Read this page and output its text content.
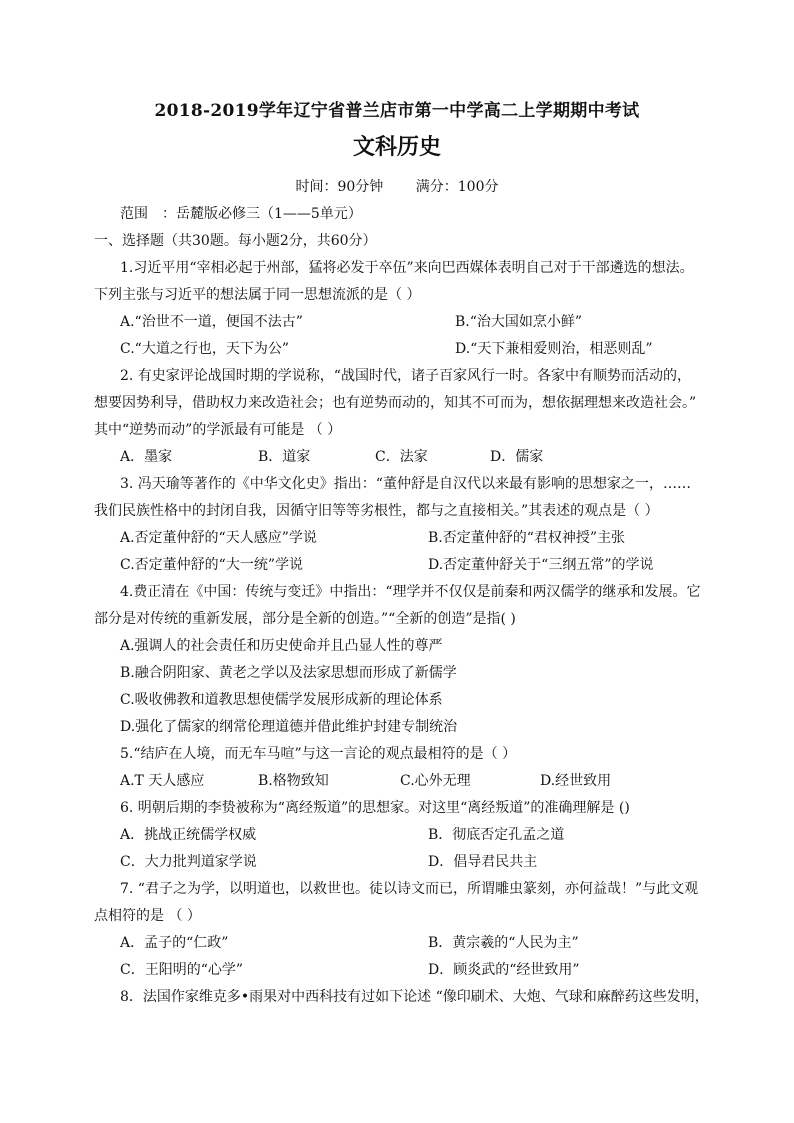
2018-2019学年辽宁省普兰店市第一中学高二上学期期中考试
文科历史
时间：90分钟 满分：100分
范围　：岳麓版必修三（1——5单元）
一、选择题（共30题。每小题2分，共60分）
1.习近平用“宰相必起于州部，猛将必发于卒伍”来向巴西媒体表明自己对于干部遴选的想法。
下列主张与习近平的想法属于同一思想流派的是（ ）
A.“治世不一道，便国不法古”	B.“治大国如烹小鲜”
C.“大道之行也，天下为公”	D.“天下兼相爱则治，相恶则乱”
2. 有史家评论战国时期的学说称，“战国时代，诸子百家风行一时。各家中有顺势而活动的，
想要因势利导，借助权力来改造社会；也有逆势而动的，知其不可而为，想依据理想来改造社会。”
其中“逆势而动”的学派最有可能是 （ ）
A．墨家	B．道家	C．法家	D．儒家
3. 冯天瑜等著作的《中华文化史》指出：“董仲舒是自汉代以来最有影响的思想家之一，……
我们民族性格中的封闭自我，因循守旧等等劣根性，都与之直接相关。”其表述的观点是（ ）
A.否定董仲舒的“天人感应”学说	B.否定董仲舒的“君权神授”主张
C.否定董仲舒的“大一统”学说	D.否定董仲舒关于“三纲五常”的学说
4.费正清在《中国：传统与变迁》中指出：“理学并不仅仅是前秦和两汉儒学的继承和发展。它
部分是对传统的重新发展，部分是全新的创造。”“全新的创造”是指( )
A.强调人的社会责任和历史使命并且凸显人性的尊严
B.融合阴阳家、黄老之学以及法家思想而形成了新儒学
C.吸收佛教和道教思想使儒学发展形成新的理论体系
D.强化了儒家的纲常伦理道德并借此维护封建专制统治
5.“结庐在人境，而无车马喧”与这一言论的观点最相符的是（ ）
A.T 天人感应	B.格物致知	C.心外无理	D.经世致用
6. 明朝后期的李贽被称为“离经叛道”的思想家。对这里“离经叛道”的准确理解是 ()
A．挑战正统儒学权威	B．彻底否定孔孟之道
C．大力批判道家学说	D．倡导君民共主
7. “君子之为学，以明道也，以救世也。徒以诗文而已，所谓雕虫篆刻，亦何益哉！”与此文观
点相符的是 （ ）
A．孟子的“仁政”	B．黄宗羲的“人民为主”
C．王阳明的“心学”	D．顾炎武的“经世致用”
8．法国作家维克多•雨果对中西科技有过如下论述 “像印刷术、大炮、气球和麻醉药这些发明，
